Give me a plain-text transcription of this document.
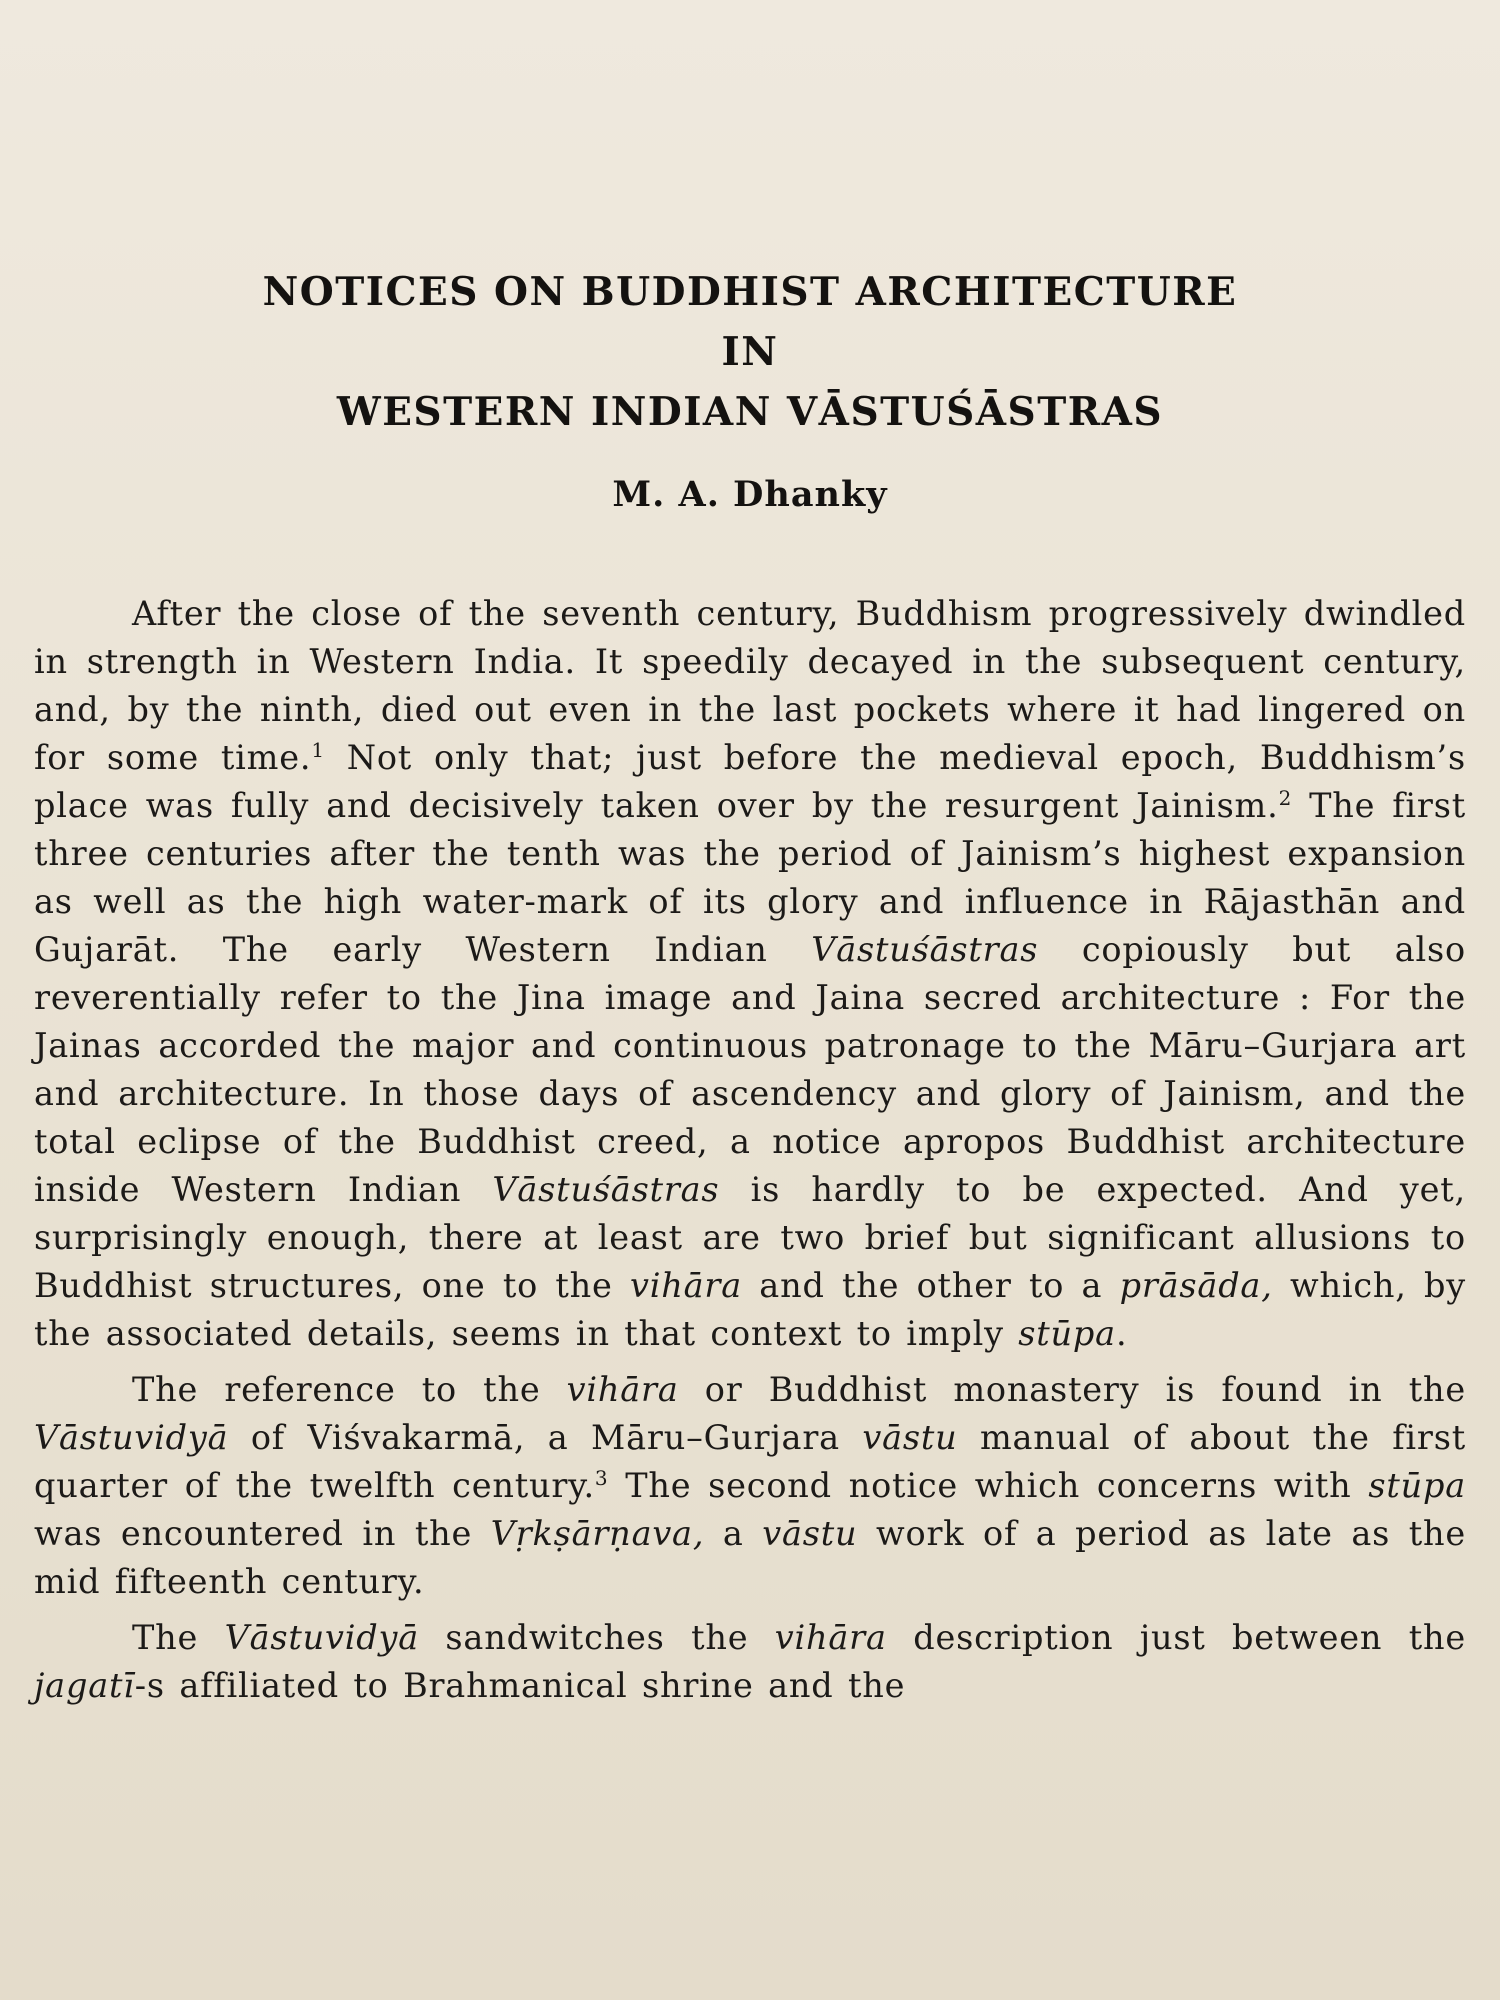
NOTICES ON BUDDHIST ARCHITECTURE
IN
WESTERN INDIAN VĀSTUŚĀSTRAS
M. A. Dhanky

After the close of the seventh century, Buddhism progressively dwindled in strength in Western India. It speedily decayed in the subsequent century, and, by the ninth, died out even in the last pockets where it had lingered on for some time.$^1$ Not only that; just before the medieval epoch, Buddhism’s place was fully and decisively taken over by the resurgent Jainism.$^2$ The first three centuries after the tenth was the period of Jainism’s highest expansion as well as the high water-mark of its glory and influence in Rājasthān and Gujarāt. The early Western Indian Vāstuśāstras copiously but also reverentially refer to the Jina image and Jaina secred architecture : For the Jainas accorded the major and continuous patronage to the Māru–Gurjara art and architecture. In those days of ascendency and glory of Jainism, and the total eclipse of the Buddhist creed, a notice apropos Buddhist architecture inside Western Indian Vāstuśāstras is hardly to be expected. And yet, surprisingly enough, there at least are two brief but significant allusions to Buddhist structures, one to the vihāra and the other to a prāsāda, which, by the associated details, seems in that context to imply stūpa.

The reference to the vihāra or Buddhist monastery is found in the Vāstuvidyā of Viśvakarmā, a Māru–Gurjara vāstu manual of about the first quarter of the twelfth century.$^3$ The second notice which concerns with stūpa was encountered in the Vṛkṣārṇava, a vāstu work of a period as late as the mid fifteenth century.

The Vāstuvidyā sandwitches the vihāra description just between the jagatī-s affiliated to Brahmanical shrine and the
